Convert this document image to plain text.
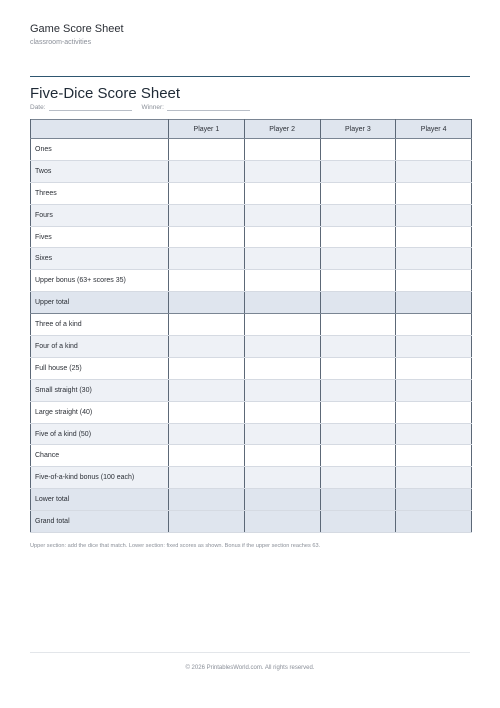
Game Score Sheet
classroom-activities
Five-Dice Score Sheet
Date:	Winner:
	Player 1	Player 2	Player 3	Player 4
Ones				
Twos				
Threes				
Fours				
Fives				
Sixes				
Upper bonus (63+ scores 35)				
Upper total				
Three of a kind				
Four of a kind				
Full house (25)				
Small straight (30)				
Large straight (40)				
Five of a kind (50)				
Chance				
Five-of-a-kind bonus (100 each)				
Lower total				
Grand total				
Upper section: add the dice that match. Lower section: fixed scores as shown. Bonus if the upper section reaches 63.
© 2026 PrintablesWorld.com. All rights reserved.
